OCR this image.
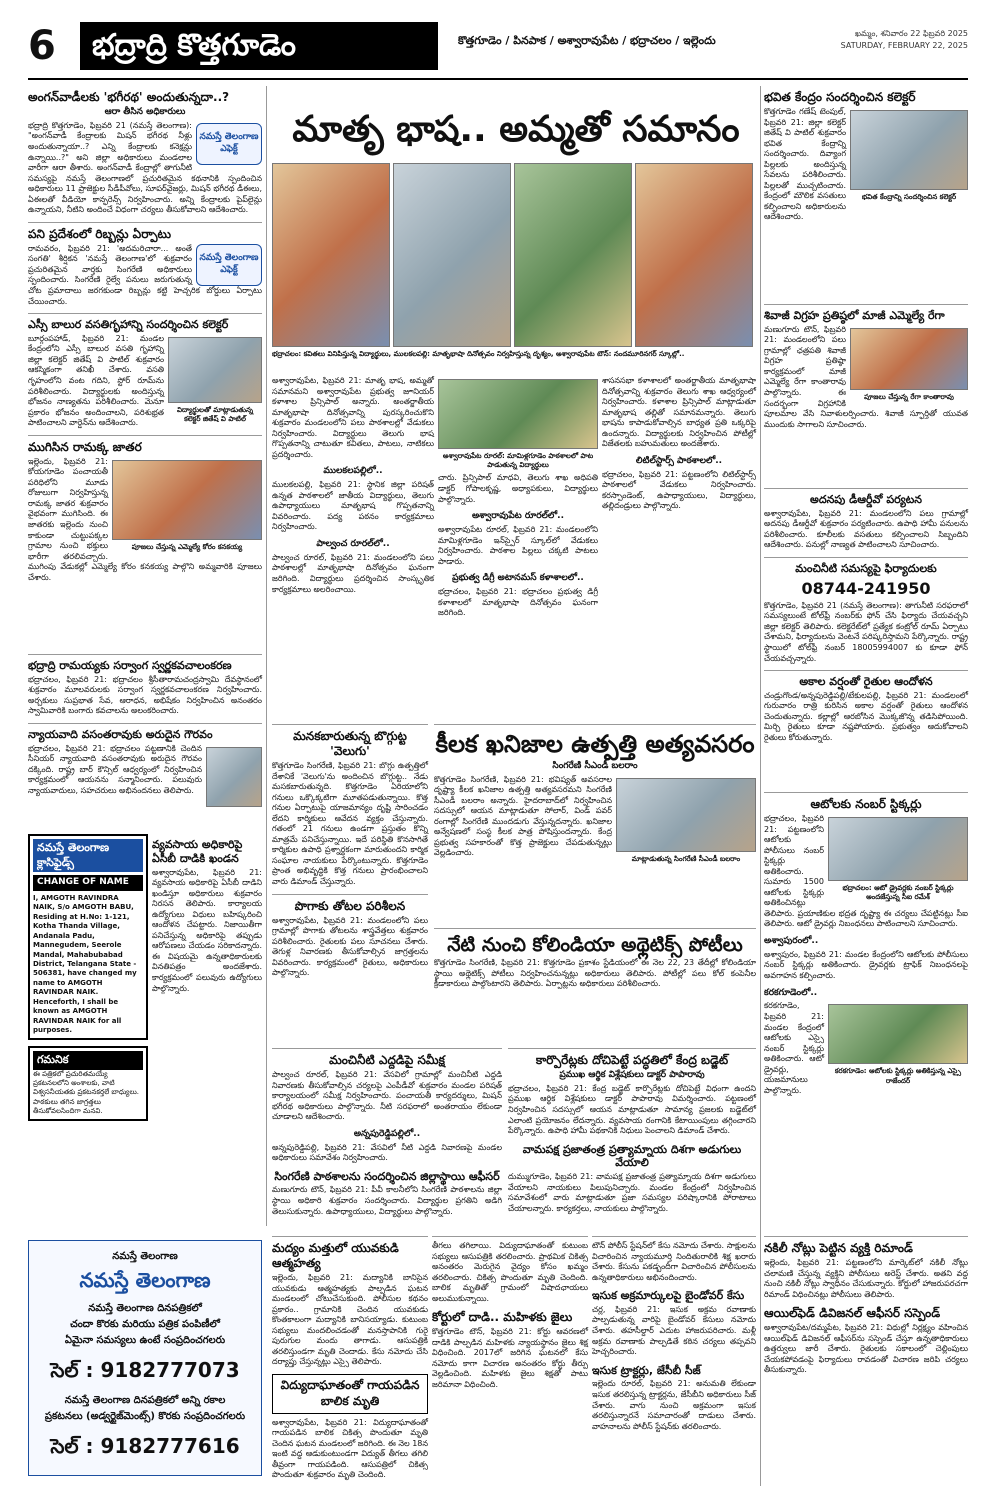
6	భద్రాద్రి కొత్తగూడెం	కొత్తగూడెం / పినపాక / అశ్వారావుపేట / భద్రాచలం / ఇల్లెందు
ఖమ్మం, శనివారం 22 ఫిబ్రవరి 2025
SATURDAY, FEBRUARY 22, 2025
అంగన్‌వాడీలకు 'భగీరథ' అందుతున్నదా..?
ఆరా తీసిన అధికారులు
నమస్తే తెలంగాణ ఎఫెక్ట్
భద్రాద్రి కొత్తగూడెం, ఫిబ్రవరి 21 (నమస్తే తెలంగాణ): "అంగన్‌వాడీ కేంద్రాలకు మిషన్ భగీరథ నీళ్లు అందుతున్నాయా..? ఎన్ని కేంద్రాలకు కనెక్షన్లు ఉన్నాయి..?" అని జిల్లా అధికారులు మండలాల వారీగా ఆరా తీశారు. అంగన్‌వాడీ కేంద్రాల్లో తాగునీటి సమస్యపై నమస్తే తెలంగాణలో ప్రచురితమైన కథనానికి స్పందించిన అధికారులు 11 ప్రాజెక్టుల సీడీపీవోలు, సూపర్‌వైజర్లు, మిషన్ భగీరథ డీఈలు, ఏఈలతో వీడియో కాన్ఫరెన్స్ నిర్వహించారు. అన్ని కేంద్రాలకు పైప్‌లైన్లు ఉన్నాయని, నీటిని అందించే విధంగా చర్యలు తీసుకోవాలని ఆదేశించారు.
పని ప్రదేశంలో రిబ్బన్లు ఏర్పాటు
నమస్తే తెలంగాణ ఎఫెక్ట్
రామవరం, ఫిబ్రవరి 21: 'అదమరిచారా... అంతే సంగతి' శీర్షికన 'నమస్తే తెలంగాణ'లో శుక్రవారం ప్రచురితమైన వార్తకు సింగరేణి అధికారులు స్పందించారు. సింగరేణి రైల్వే పనులు జరుగుతున్న చోట ప్రమాదాలు జరగకుండా రిబ్బన్లు కట్టి హెచ్చరిక బోర్డులు ఏర్పాటు చేయించారు.
ఎస్సీ బాలుర వసతిగృహాన్ని సందర్శించిన కలెక్టర్
విద్యార్థులతో మాట్లాడుతున్న కలెక్టర్ జితేష్ వి పాటిల్
బూర్గంపహాడ్, ఫిబ్రవరి 21: మండల కేంద్రంలోని ఎస్సీ బాలుర వసతి గృహాన్ని జిల్లా కలెక్టర్ జితేష్ వి పాటిల్ శుక్రవారం ఆకస్మికంగా తనిఖీ చేశారు. వసతి గృహంలోని వంట గదిని, స్టోర్ రూమ్‌ను పరిశీలించారు. విద్యార్థులకు అందిస్తున్న భోజనం నాణ్యతను పరిశీలించారు. మెనూ ప్రకారం భోజనం అందించాలని, పరిశుభ్రత పాటించాలని వార్డెన్‌ను ఆదేశించారు.
ముగిసిన రామక్క జాతర
పూజలు చేస్తున్న ఎమ్మెల్యే కోరం కనకయ్య
ఇల్లెందు, ఫిబ్రవరి 21: కోయగూడెం పంచాయతీ పరిధిలోని మూడు రోజులుగా నిర్వహిస్తున్న రామక్క జాతర శుక్రవారం వైభవంగా ముగిసింది. ఈ జాతరకు ఇల్లెందు నుంచి కాకుండా చుట్టుపక్కల గ్రామాల నుంచి భక్తులు భారీగా తరలివచ్చారు. ముగింపు వేడుకల్లో ఎమ్మెల్యే కోరం కనకయ్య పాల్గొని అమ్మవారికి పూజలు చేశారు.
భద్రాద్రి రామయ్యకు సర్వాంగ స్వర్ణకవచాలంకరణ
భద్రాచలం, ఫిబ్రవరి 21: భద్రాచలం శ్రీసీతారామచంద్రస్వామి దేవస్థానంలో శుక్రవారం మూలవరులకు సర్వాంగ స్వర్ణకవచాలంకరణ నిర్వహించారు. అర్చకులు సుప్రభాత సేవ, ఆరాధన, అభిషేకం నిర్వహించిన అనంతరం స్వామివారికి బంగారు కవచాలను అలంకరించారు.
న్యాయవాది వసంతరావుకు అరుదైన గౌరవం
భద్రాచలం, ఫిబ్రవరి 21: భద్రాచలం పట్టణానికి చెందిన సీనియర్ న్యాయవాది వసంతరావుకు అరుదైన గౌరవం దక్కింది. రాష్ట్ర బార్ కౌన్సిల్ ఆధ్వర్యంలో నిర్వహించిన కార్యక్రమంలో ఆయనను సన్మానించారు. పలువురు న్యాయవాదులు, సహచరులు అభినందనలు తెలిపారు.
నమస్తే తెలంగాణ క్లాసిఫైడ్స్
CHANGE OF NAME
I, AMGOTH RAVINDRA NAIK, S/o AMGOTH BABU, Residing at H.No: 1-121, Kotha Thanda Village, Andanala Padu, Mannegudem, Seerole Mandal, Mahabubabad District, Telangana State - 506381, have changed my name to AMGOTH RAVINDAR NAIK. Henceforth, I shall be known as AMGOTH RAVINDAR NAIK for all purposes.
గమనిక
ఈ పత్రికలో ప్రచురితమయ్యే ప్రకటనలలోని అంశాలకు, వాటి విశ్వసనీయతకు ప్రకటనకర్తలే బాధ్యులు. పాఠకులు తగిన జాగ్రత్తలు తీసుకోవలసిందిగా మనవి.
వ్యవసాయ అధికారిపై ఏసీబీ దాడికి ఖండన
అశ్వారావుపేట, ఫిబ్రవరి 21: వ్యవసాయ అధికారిపై ఏసీబీ దాడిని ఖండిస్తూ అధికారులు శుక్రవారం నిరసన తెలిపారు. కార్యాలయ ఉద్యోగులు విధులు బహిష్కరించి ఆందోళన చేపట్టారు. నిజాయితీగా పనిచేస్తున్న అధికారిపై తప్పుడు ఆరోపణలు చేయడం సరికాదన్నారు. ఈ విషయమై ఉన్నతాధికారులకు వినతిపత్రం అందజేశారు. కార్యక్రమంలో పలువురు ఉద్యోగులు పాల్గొన్నారు.
నమస్తే తెలంగాణ
నమస్తే తెలంగాణ
నమస్తే తెలంగాణ దినపత్రికలో
చందా కొరకు మరియు పత్రిక పంపిణీలో
ఏమైనా సమస్యలు ఉంటే సంప్రదించగలరు
సెల్ : 9182777073
నమస్తే తెలంగాణ దినపత్రికలో అన్ని రకాల
ప్రకటనలు (అడ్వర్టైజ్‌మెంట్స్) కొరకు సంప్రదించగలరు
సెల్ : 9182777616
మాతృ భాష.. అమ్మతో సమానం
భద్రాచలం: కవితలు వినిపిస్తున్న విద్యార్థులు, ములకలపల్లి: మాతృభాషా దినోత్సవం నిర్వహిస్తున్న దృశ్యం, అశ్వారావుపేట టౌన్: నందమూరినగర్ స్కూల్లో..
అశ్వారావుపేట, ఫిబ్రవరి 21: మాతృ భాష, అమ్మతో సమానమని అశ్వారావుపేట ప్రభుత్వ జూనియర్ కళాశాల ప్రిన్సిపాల్ అన్నారు. అంతర్జాతీయ మాతృభాషా దినోత్సవాన్ని పురస్కరించుకొని శుక్రవారం మండలంలోని పలు పాఠశాలల్లో వేడుకలు నిర్వహించారు. విద్యార్థులు తెలుగు భాష గొప్పతనాన్ని చాటుతూ కవితలు, పాటలు, నాటికలు ప్రదర్శించారు.
ములకలపల్లిలో..
ములకలపల్లి, ఫిబ్రవరి 21: స్థానిక జిల్లా పరిషత్ ఉన్నత పాఠశాలలో జాతీయ విద్యార్థులు, తెలుగు ఉపాధ్యాయులు మాతృభాష గొప్పతనాన్ని వివరించారు. పద్య పఠనం కార్యక్రమాలు నిర్వహించారు.
పాల్వంచ రూరల్‌లో..
పాల్వంచ రూరల్, ఫిబ్రవరి 21: మండలంలోని పలు పాఠశాలల్లో మాతృభాషా దినోత్సవం ఘనంగా జరిగింది. విద్యార్థులు ప్రదర్శించిన సాంస్కృతిక కార్యక్రమాలు అలరించాయి.
అశ్వారావుపేట రూరల్: మామిళ్లగూడెం పాఠశాలలో పాట పాడుతున్న విద్యార్థులు
చారు. ప్రిన్సిపాల్ మాధవి, తెలుగు శాఖ అధిపతి డాక్టర్ గోపాలకృష్ణ, అధ్యాపకులు, విద్యార్థులు పాల్గొన్నారు.
అశ్వారావుపేట రూరల్‌లో..
అశ్వారావుపేట రూరల్, ఫిబ్రవరి 21: మండలంలోని మామిళ్లగూడెం ఇన్‌స్పైర్ స్కూల్‌లో వేడుకలు నిర్వహించారు. పాఠశాల పిల్లలు చక్కటి పాటలు పాడారు.
ప్రభుత్వ డిగ్రీ అటానమస్ కళాశాలలో..
భద్రాచలం, ఫిబ్రవరి 21: భద్రాచలం ప్రభుత్వ డిగ్రీ కళాశాలలో మాతృభాషా దినోత్సవం ఘనంగా జరిగింది.
శాసనసభా కళాశాలలో అంతర్జాతీయ మాతృభాషా దినోత్సవాన్ని శుక్రవారం తెలుగు శాఖ ఆధ్వర్యంలో నిర్వహించారు. కళాశాల ప్రిన్సిపాల్ మాట్లాడుతూ మాతృభాష తల్లితో సమానమన్నారు. తెలుగు భాషను కాపాడుకోవాల్సిన బాధ్యత ప్రతి ఒక్కరిపై ఉందన్నారు. విద్యార్థులకు నిర్వహించిన పోటీల్లో విజేతలకు బహుమతులు అందజేశారు.
లిటిల్‌స్టార్స్ పాఠశాలలో..
భద్రాచలం, ఫిబ్రవరి 21: పట్టణంలోని లిటిల్‌స్టార్స్ పాఠశాలలో వేడుకలు నిర్వహించారు. కరస్పాండెంట్, ఉపాధ్యాయులు, విద్యార్థులు, తల్లిదండ్రులు పాల్గొన్నారు.
మనకబారుతున్న బొగ్గుట్ట 'వెలుగు'
కొత్తగూడెం సింగరేణి, ఫిబ్రవరి 21: బొగ్గు ఉత్పత్తిలో దేశానికే 'వెలుగు'ను అందించిన బొగ్గుట్ట.. నేడు మసకబారుతున్నది. కొత్తగూడెం ఏరియాలోని గనులు ఒక్కొక్కటిగా మూతపడుతున్నాయి. కొత్త గనుల ఏర్పాటుపై యాజమాన్యం దృష్టి సారించడం లేదని కార్మికులు ఆవేదన వ్యక్తం చేస్తున్నారు. గతంలో 21 గనులు ఉండగా ప్రస్తుతం కొన్ని మాత్రమే పనిచేస్తున్నాయి. ఇదే పరిస్థితి కొనసాగితే కార్మికుల ఉపాధి ప్రశ్నార్థకంగా మారుతుందని కార్మిక సంఘాల నాయకులు పేర్కొంటున్నారు. కొత్తగూడెం ప్రాంత అభివృద్ధికి కొత్త గనులు ప్రారంభించాలని వారు డిమాండ్ చేస్తున్నారు.
పొగాకు తోటల పరిశీలన
అశ్వారావుపేట, ఫిబ్రవరి 21: మండలంలోని పలు గ్రామాల్లో పొగాకు తోటలను శాస్త్రవేత్తలు శుక్రవారం పరిశీలించారు. రైతులకు పలు సూచనలు చేశారు. తెగుళ్ల నివారణకు తీసుకోవాల్సిన జాగ్రత్తలను వివరించారు. కార్యక్రమంలో రైతులు, అధికారులు పాల్గొన్నారు.
కీలక ఖనిజాల ఉత్పత్తి అత్యవసరం
సింగరేణి సీఎండీ బలరాం
మాట్లాడుతున్న సింగరేణి సీఎండీ బలరాం
కొత్తగూడెం సింగరేణి, ఫిబ్రవరి 21: భవిష్యత్ అవసరాల దృష్ట్యా కీలక ఖనిజాల ఉత్పత్తి అత్యవసరమని సింగరేణి సీఎండీ బలరాం అన్నారు. హైదరాబాద్‌లో నిర్వహించిన సదస్సులో ఆయన మాట్లాడుతూ సోలార్, విండ్ పవర్ రంగాల్లో సింగరేణి ముందడుగు వేస్తున్నదన్నారు. ఖనిజాల అన్వేషణలో సంస్థ కీలక పాత్ర పోషిస్తుందన్నారు. కేంద్ర ప్రభుత్వ సహకారంతో కొత్త ప్రాజెక్టులు చేపడుతున్నట్లు వెల్లడించారు.
నేటి నుంచి కోలిండియా అథ్లెటిక్స్ పోటీలు
కొత్తగూడెం సింగరేణి, ఫిబ్రవరి 21: కొత్తగూడెం ప్రకాశం స్టేడియంలో ఈ నెల 22, 23 తేదీల్లో కోలిండియా స్థాయి అథ్లెటిక్స్ పోటీలు నిర్వహించనున్నట్లు అధికారులు తెలిపారు. పోటీల్లో పలు కోల్ కంపెనీల క్రీడాకారులు పాల్గొంటారని తెలిపారు. ఏర్పాట్లను అధికారులు పరిశీలించారు.
మంచినీటి ఎద్దడిపై సమీక్ష
పాల్వంచ రూరల్, ఫిబ్రవరి 21: వేసవిలో గ్రామాల్లో మంచినీటి ఎద్దడి నివారణకు తీసుకోవాల్సిన చర్యలపై ఎంపీడీవో శుక్రవారం మండల పరిషత్ కార్యాలయంలో సమీక్ష నిర్వహించారు. పంచాయతీ కార్యదర్శులు, మిషన్ భగీరథ అధికారులు పాల్గొన్నారు. నీటి సరఫరాలో అంతరాయం లేకుండా చూడాలని ఆదేశించారు.
అన్నపురెడ్డిపల్లిలో..
అన్నపురెడ్డిపల్లి, ఫిబ్రవరి 21: వేసవిలో నీటి ఎద్దడి నివారణపై మండల అధికారులు సమావేశం నిర్వహించారు.
సింగరేణి పాఠశాలను సందర్శించిన జిల్లాస్థాయి ఆఫీసర్
మణుగూరు టౌన్, ఫిబ్రవరి 21: పీవీ కాలనీలోని సింగరేణి పాఠశాలను జిల్లా స్థాయి అధికారి శుక్రవారం సందర్శించారు. విద్యార్థుల ప్రగతిని అడిగి తెలుసుకున్నారు. ఉపాధ్యాయులు, విద్యార్థులు పాల్గొన్నారు.
కార్పొరేట్లకు దోచిపెట్టే పద్ధతిలో కేంద్ర బడ్జెట్
ప్రముఖ ఆర్థిక విశ్లేషకులు డాక్టర్ పాపారావు
భద్రాచలం, ఫిబ్రవరి 21: కేంద్ర బడ్జెట్ కార్పొరేట్లకు దోచిపెట్టే విధంగా ఉందని ప్రముఖ ఆర్థిక విశ్లేషకులు డాక్టర్ పాపారావు విమర్శించారు. పట్టణంలో నిర్వహించిన సదస్సులో ఆయన మాట్లాడుతూ సామాన్య ప్రజలకు బడ్జెట్‌లో ఎలాంటి ప్రయోజనం లేదన్నారు. వ్యవసాయ రంగానికి కేటాయింపులు తగ్గించారని పేర్కొన్నారు. ఉపాధి హామీ పథకానికి నిధులు పెంచాలని డిమాండ్ చేశారు.
వామపక్ష ప్రజాతంత్ర ప్రత్యామ్నాయ దిశగా అడుగులు వేయాలి
దుమ్ముగూడెం, ఫిబ్రవరి 21: వామపక్ష ప్రజాతంత్ర ప్రత్యామ్నాయ దిశగా అడుగులు వేయాలని నాయకులు పిలుపునిచ్చారు. మండల కేంద్రంలో నిర్వహించిన సమావేశంలో వారు మాట్లాడుతూ ప్రజా సమస్యల పరిష్కారానికి పోరాటాలు చేయాలన్నారు. కార్యకర్తలు, నాయకులు పాల్గొన్నారు.
మద్యం మత్తులో యువకుడి ఆత్మహత్య
ఇల్లెందు, ఫిబ్రవరి 21: మద్యానికి బానిసైన యువకుడు ఆత్మహత్యకు పాల్పడిన ఘటన మండలంలో చోటుచేసుకుంది. పోలీసుల కథనం ప్రకారం.. గ్రామానికి చెందిన యువకుడు కొంతకాలంగా మద్యానికి బానిసయ్యాడు. కుటుంబ సభ్యులు మందలించడంతో మనస్తాపానికి గురై పురుగుల మందు తాగాడు. ఆసుపత్రికి తరలిస్తుండగా మృతి చెందాడు. కేసు నమోదు చేసి దర్యాప్తు చేస్తున్నట్లు ఎస్సై తెలిపారు.
విద్యుదాఘాతంతో గాయపడిన బాలిక మృతి
అశ్వారావుపేట, ఫిబ్రవరి 21: విద్యుదాఘాతంతో గాయపడిన బాలిక చికిత్స పొందుతూ మృతి చెందిన ఘటన మండలంలో జరిగింది. ఈ నెల 18న ఇంటి వద్ద ఆడుకుంటుండగా విద్యుత్ తీగలు తగిలి తీవ్రంగా గాయపడింది. ఆసుపత్రిలో చికిత్స పొందుతూ శుక్రవారం మృతి చెందింది.
తీగలు తగిలాయి. విద్యుదాఘాతంతో కుటుంబ సభ్యులు ఆసుపత్రికి తరలించారు. ప్రాథమిక చికిత్స అనంతరం మెరుగైన వైద్యం కోసం ఖమ్మం తరలించారు. చికిత్స పొందుతూ మృతి చెందింది. బాలిక మృతితో గ్రామంలో విషాదఛాయలు అలుముకున్నాయి.
కోర్టులో దాడి.. మహిళకు జైలు
కొత్తగూడెం టౌన్, ఫిబ్రవరి 21: కోర్టు ఆవరణలో దాడికి పాల్పడిన మహిళకు న్యాయస్థానం జైలు శిక్ష విధించింది. 2017లో జరిగిన ఘటనలో కేసు నమోదు కాగా విచారణ అనంతరం కోర్టు తీర్పు వెల్లడించింది. మహిళకు జైలు శిక్షతో పాటు జరిమానా విధించింది.
టౌన్ పోలీస్ స్టేషన్‌లో కేసు నమోదు చేశారు. సాక్షులను విచారించిన న్యాయమూర్తి నిందితురాలికి శిక్ష ఖరారు చేశారు. కేసును పకడ్బందీగా విచారించిన పోలీసులను ఉన్నతాధికారులు అభినందించారు.
ఇసుక అక్రమార్కులపై బైండోవర్ కేసు
చర్ల, ఫిబ్రవరి 21: ఇసుక అక్రమ రవాణాకు పాల్పడుతున్న వారిపై బైండోవర్ కేసులు నమోదు చేశారు. తహసీల్దార్ ఎదుట హాజరుపరిచారు. మళ్లీ అక్రమ రవాణాకు పాల్పడితే కఠిన చర్యలు తప్పవని హెచ్చరించారు.
ఇసుక ట్రాక్టర్లు, జేసీబీ సీజ్
ఇల్లెందు రూరల్, ఫిబ్రవరి 21: అనుమతి లేకుండా ఇసుక తరలిస్తున్న ట్రాక్టర్లను, జేసీబీని అధికారులు సీజ్ చేశారు. వాగు నుంచి అక్రమంగా ఇసుక తరలిస్తున్నారనే సమాచారంతో దాడులు చేశారు. వాహనాలను పోలీస్ స్టేషన్‌కు తరలించారు.
నకిలీ నోట్లు పెట్టిన వ్యక్తి రిమాండ్
ఇల్లెందు, ఫిబ్రవరి 21: పట్టణంలోని మార్కెట్‌లో నకిలీ నోట్లు చలామణి చేస్తున్న వ్యక్తిని పోలీసులు అరెస్ట్ చేశారు. అతని వద్ద నుంచి నకిలీ నోట్లు స్వాధీనం చేసుకున్నారు. కోర్టులో హాజరుపరచగా రిమాండ్ విధించినట్లు పోలీసులు తెలిపారు.
ఆయిల్‌ఫెడ్ డివిజనల్ ఆఫీసర్ సస్పెండ్
అశ్వారావుపేట/దమ్మపేట, ఫిబ్రవరి 21: విధుల్లో నిర్లక్ష్యం వహించిన ఆయిల్‌ఫెడ్ డివిజనల్ ఆఫీసర్‌ను సస్పెండ్ చేస్తూ ఉన్నతాధికారులు ఉత్తర్వులు జారీ చేశారు. రైతులకు సకాలంలో చెల్లింపులు చేయకపోవడంపై ఫిర్యాదులు రావడంతో విచారణ జరిపి చర్యలు తీసుకున్నారు.
భవిత కేంద్రం సందర్శించిన కలెక్టర్
భవిత కేంద్రాన్ని సందర్శించిన కలెక్టర్
కొత్తగూడెం గణేష్ టెంపుల్, ఫిబ్రవరి 21: జిల్లా కలెక్టర్ జితేష్ వి పాటిల్ శుక్రవారం భవిత కేంద్రాన్ని సందర్శించారు. దివ్యాంగ పిల్లలకు అందిస్తున్న సేవలను పరిశీలించారు. పిల్లలతో ముచ్చటించారు. కేంద్రంలో మౌలిక వసతులు కల్పించాలని అధికారులను ఆదేశించారు.
శివాజీ విగ్రహ ప్రతిష్ఠలో మాజీ ఎమ్మెల్యే రేగా
పూజలు చేస్తున్న రేగా కాంతారావు
మణుగూరు టౌన్, ఫిబ్రవరి 21: మండలంలోని పలు గ్రామాల్లో ఛత్రపతి శివాజీ విగ్రహ ప్రతిష్ఠా కార్యక్రమంలో మాజీ ఎమ్మెల్యే రేగా కాంతారావు పాల్గొన్నారు. ఈ సందర్భంగా విగ్రహానికి పూలమాల వేసి నివాళులర్పించారు. శివాజీ స్ఫూర్తితో యువత ముందుకు సాగాలని సూచించారు.
అదనపు డీఆర్డీవో పర్యటన
అశ్వారావుపేట, ఫిబ్రవరి 21: మండలంలోని పలు గ్రామాల్లో అదనపు డీఆర్డీవో శుక్రవారం పర్యటించారు. ఉపాధి హామీ పనులను పరిశీలించారు. కూలీలకు వసతులు కల్పించాలని సిబ్బందిని ఆదేశించారు. పనుల్లో నాణ్యత పాటించాలని సూచించారు.
మంచినీటి సమస్యపై ఫిర్యాదులకు
08744-241950
కొత్తగూడెం, ఫిబ్రవరి 21 (నమస్తే తెలంగాణ): తాగునీటి సరఫరాలో సమస్యలుంటే టోల్‌ఫ్రీ నంబర్‌కు ఫోన్ చేసి ఫిర్యాదు చేయవచ్చని జిల్లా కలెక్టర్ తెలిపారు. కలెక్టరేట్‌లో ప్రత్యేక కంట్రోల్ రూమ్ ఏర్పాటు చేశామని, ఫిర్యాదులను వెంటనే పరిష్కరిస్తామని పేర్కొన్నారు. రాష్ట్ర స్థాయిలో టోల్‌ఫ్రీ నంబర్ 18005994007 కు కూడా ఫోన్ చేయవచ్చన్నారు.
అకాల వర్షంతో రైతుల ఆందోళన
చండ్రుగొండ/అన్నపురెడ్డిపల్లి/టేకులపల్లి, ఫిబ్రవరి 21: మండలంలో గురువారం రాత్రి కురిసిన అకాల వర్షంతో రైతులు ఆందోళన చెందుతున్నారు. కల్లాల్లో ఆరబోసిన మొక్కజొన్న తడిసిపోయింది. మిర్చి రైతులు కూడా నష్టపోయారు. ప్రభుత్వం ఆదుకోవాలని రైతులు కోరుతున్నారు.
ఆటోలకు నంబర్ స్టిక్కర్లు
భద్రాచలం: ఆటో డ్రైవర్లకు నంబర్ స్టిక్కర్లు అందజేస్తున్న సీఐ రమేశ్
భద్రాచలం, ఫిబ్రవరి 21: పట్టణంలోని ఆటోలకు పోలీసులు నంబర్ స్టిక్కర్లు అతికించారు. సుమారు 1500 ఆటోలకు స్టిక్కర్లు అతికించినట్లు తెలిపారు. ప్రయాణికుల భద్రత దృష్ట్యా ఈ చర్యలు చేపట్టినట్లు సీఐ తెలిపారు. ఆటో డ్రైవర్లు నిబంధనలు పాటించాలని సూచించారు.
అశ్వాపురంలో..
అశ్వాపురం, ఫిబ్రవరి 21: మండల కేంద్రంలోని ఆటోలకు పోలీసులు నంబర్ స్టిక్కర్లు అతికించారు. డ్రైవర్లకు ట్రాఫిక్ నిబంధనలపై అవగాహన కల్పించారు.
కరకగూడెంలో..
కరకగూడెం: ఆటోలకు స్టిక్కర్లు అతికిస్తున్న ఎస్సై రాజేందర్
కరకగూడెం, ఫిబ్రవరి 21: మండల కేంద్రంలో ఆటోలకు ఎస్సై నంబర్ స్టిక్కర్లు అతికించారు. ఆటో డ్రైవర్లు, యజమానులు పాల్గొన్నారు.
